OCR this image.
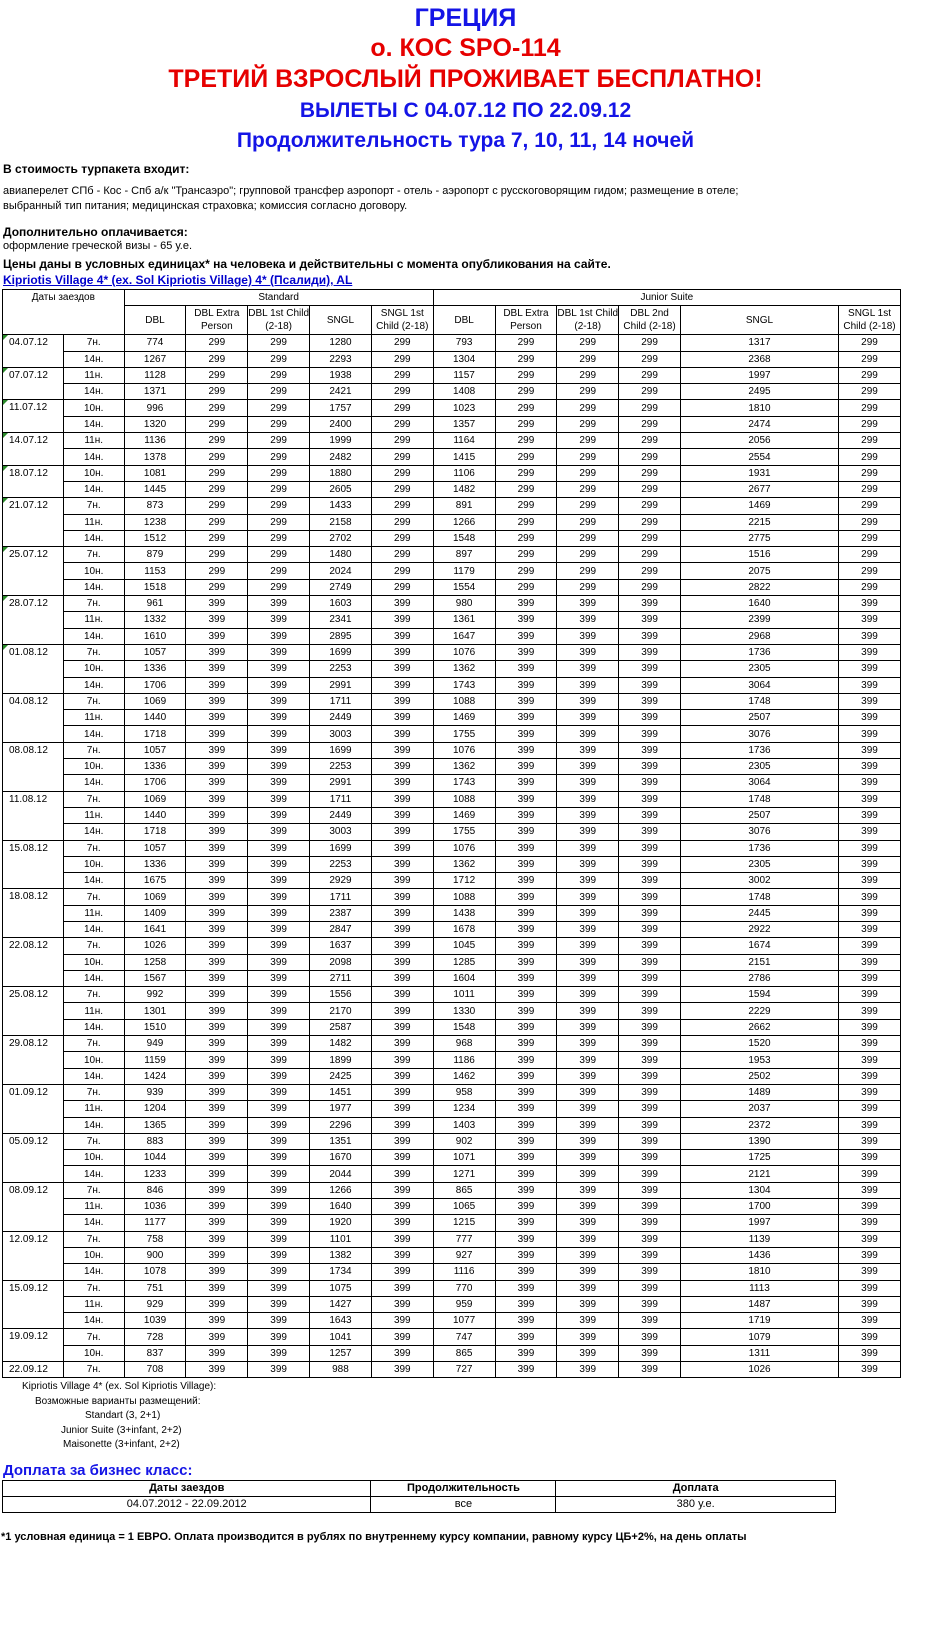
ГРЕЦИЯ

о. КОС SPO-114

ТРЕТИЙ ВЗРОСЛЫЙ ПРОЖИВАЕТ БЕСПЛАТНО!

ВЫЛЕТЫ С 04.07.12 ПО 22.09.12

Продолжительность тура 7, 10, 11, 14 ночей

В стоимость турпакета входит:
авиаперелет СПб - Кос - Спб а/к "Трансаэро"; групповой трансфер аэропорт - отель - аэропорт с русскоговорящим гидом; размещение в отеле;
выбранный тип питания; медицинская страховка; комиссия согласно договору.
Дополнительно оплачивается:
оформление греческой визы - 65 у.е.
Цены даны в условных единицах* на человека и действительны с момента опубликования на сайте.
Kipriotis Village 4* (ex. Sol Kipriotis Village) 4* (Псалиди), AL
Даты заездов		Standard					Junior Suite					
		DBL	DBL Extra Person	DBL 1st Child (2-18)	SNGL	SNGL 1st Child (2-18)	DBL	DBL Extra Person	DBL 1st Child (2-18)	DBL 2nd Child (2-18)	SNGL	SNGL 1st Child (2-18)
04.07.12	7н.	774	299	299	1280	299	793	299	299	299	1317	299
	14н.	1267	299	299	2293	299	1304	299	299	299	2368	299
07.07.12	11н.	1128	299	299	1938	299	1157	299	299	299	1997	299
	14н.	1371	299	299	2421	299	1408	299	299	299	2495	299
11.07.12	10н.	996	299	299	1757	299	1023	299	299	299	1810	299
	14н.	1320	299	299	2400	299	1357	299	299	299	2474	299
14.07.12	11н.	1136	299	299	1999	299	1164	299	299	299	2056	299
	14н.	1378	299	299	2482	299	1415	299	299	299	2554	299
18.07.12	10н.	1081	299	299	1880	299	1106	299	299	299	1931	299
	14н.	1445	299	299	2605	299	1482	299	299	299	2677	299
21.07.12	7н.	873	299	299	1433	299	891	299	299	299	1469	299
	11н.	1238	299	299	2158	299	1266	299	299	299	2215	299
	14н.	1512	299	299	2702	299	1548	299	299	299	2775	299
25.07.12	7н.	879	299	299	1480	299	897	299	299	299	1516	299
	10н.	1153	299	299	2024	299	1179	299	299	299	2075	299
	14н.	1518	299	299	2749	299	1554	299	299	299	2822	299
28.07.12	7н.	961	399	399	1603	399	980	399	399	399	1640	399
	11н.	1332	399	399	2341	399	1361	399	399	399	2399	399
	14н.	1610	399	399	2895	399	1647	399	399	399	2968	399
01.08.12	7н.	1057	399	399	1699	399	1076	399	399	399	1736	399
	10н.	1336	399	399	2253	399	1362	399	399	399	2305	399
	14н.	1706	399	399	2991	399	1743	399	399	399	3064	399
04.08.12	7н.	1069	399	399	1711	399	1088	399	399	399	1748	399
	11н.	1440	399	399	2449	399	1469	399	399	399	2507	399
	14н.	1718	399	399	3003	399	1755	399	399	399	3076	399
08.08.12	7н.	1057	399	399	1699	399	1076	399	399	399	1736	399
	10н.	1336	399	399	2253	399	1362	399	399	399	2305	399
	14н.	1706	399	399	2991	399	1743	399	399	399	3064	399
11.08.12	7н.	1069	399	399	1711	399	1088	399	399	399	1748	399
	11н.	1440	399	399	2449	399	1469	399	399	399	2507	399
	14н.	1718	399	399	3003	399	1755	399	399	399	3076	399
15.08.12	7н.	1057	399	399	1699	399	1076	399	399	399	1736	399
	10н.	1336	399	399	2253	399	1362	399	399	399	2305	399
	14н.	1675	399	399	2929	399	1712	399	399	399	3002	399
18.08.12	7н.	1069	399	399	1711	399	1088	399	399	399	1748	399
	11н.	1409	399	399	2387	399	1438	399	399	399	2445	399
	14н.	1641	399	399	2847	399	1678	399	399	399	2922	399
22.08.12	7н.	1026	399	399	1637	399	1045	399	399	399	1674	399
	10н.	1258	399	399	2098	399	1285	399	399	399	2151	399
	14н.	1567	399	399	2711	399	1604	399	399	399	2786	399
25.08.12	7н.	992	399	399	1556	399	1011	399	399	399	1594	399
	11н.	1301	399	399	2170	399	1330	399	399	399	2229	399
	14н.	1510	399	399	2587	399	1548	399	399	399	2662	399
29.08.12	7н.	949	399	399	1482	399	968	399	399	399	1520	399
	10н.	1159	399	399	1899	399	1186	399	399	399	1953	399
	14н.	1424	399	399	2425	399	1462	399	399	399	2502	399
01.09.12	7н.	939	399	399	1451	399	958	399	399	399	1489	399
	11н.	1204	399	399	1977	399	1234	399	399	399	2037	399
	14н.	1365	399	399	2296	399	1403	399	399	399	2372	399
05.09.12	7н.	883	399	399	1351	399	902	399	399	399	1390	399
	10н.	1044	399	399	1670	399	1071	399	399	399	1725	399
	14н.	1233	399	399	2044	399	1271	399	399	399	2121	399
08.09.12	7н.	846	399	399	1266	399	865	399	399	399	1304	399
	11н.	1036	399	399	1640	399	1065	399	399	399	1700	399
	14н.	1177	399	399	1920	399	1215	399	399	399	1997	399
12.09.12	7н.	758	399	399	1101	399	777	399	399	399	1139	399
	10н.	900	399	399	1382	399	927	399	399	399	1436	399
	14н.	1078	399	399	1734	399	1116	399	399	399	1810	399
15.09.12	7н.	751	399	399	1075	399	770	399	399	399	1113	399
	11н.	929	399	399	1427	399	959	399	399	399	1487	399
	14н.	1039	399	399	1643	399	1077	399	399	399	1719	399
19.09.12	7н.	728	399	399	1041	399	747	399	399	399	1079	399
	10н.	837	399	399	1257	399	865	399	399	399	1311	399
22.09.12	7н.	708	399	399	988	399	727	399	399	399	1026	399
Kipriotis Village 4* (ex. Sol Kipriotis Village):
Возможные варианты размещений:
Standart (3, 2+1)
Junior Suite (3+infant, 2+2)
Maisonette (3+infant, 2+2)
Доплата за бизнес класс:
Даты заездов	Продолжительность	Доплата
04.07.2012 - 22.09.2012	все	380 у.е.
*1 условная единица = 1 ЕВРО. Оплата производится в рублях по внутреннему курсу компании, равному курсу ЦБ+2%, на день оплаты
